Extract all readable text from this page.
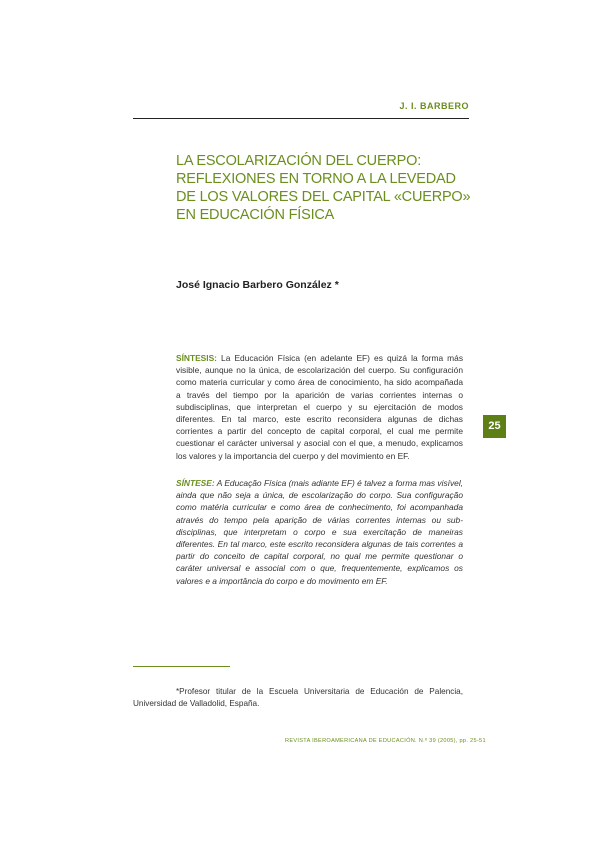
J. I. BARBERO
LA ESCOLARIZACIÓN DEL CUERPO:
REFLEXIONES EN TORNO A LA LEVEDAD
DE LOS VALORES DEL CAPITAL «CUERPO»
EN EDUCACIÓN FÍSICA
José Ignacio Barbero González *
SÍNTESIS: La Educación Física (en adelante EF) es quizá la forma más visible, aunque no la única, de escolarización del cuerpo. Su configuración como materia curricular y como área de conocimiento, ha sido acompañada a través del tiempo por la aparición de varias corrientes internas o subdisciplinas, que interpretan el cuerpo y su ejercitación de modos diferentes. En tal marco, este escrito reconsidera algunas de dichas corrientes a partir del concepto de capital corporal, el cual me permite cuestionar el carácter universal y asocial con el que, a menudo, explicamos los valores y la importancia del cuerpo y del movimiento en EF.
25
SÍNTESE: A Educação Física (mais adiante EF) é talvez a forma mas visível, ainda que não seja a única, de escolarização do corpo. Sua configuração como matéria curricular e como área de conhecimento, foi acompanhada através do tempo pela aparição de várias correntes internas ou sub-disciplinas, que interpretam o corpo e sua exercitação de maneiras diferentes. En tal marco, este escrito reconsidera algunas de tais correntes a partir do conceito de capital corporal, no qual me permite questionar o caráter universal e associal com o que, frequentemente, explicamos os valores e a importância do corpo e do movimento em EF.
*Profesor titular de la Escuela Universitaria de Educación de Palencia, Universidad de Valladolid, España.
REVISTA IBEROAMERICANA DE EDUCACIÓN. N.º 39 (2005), pp. 25-51
